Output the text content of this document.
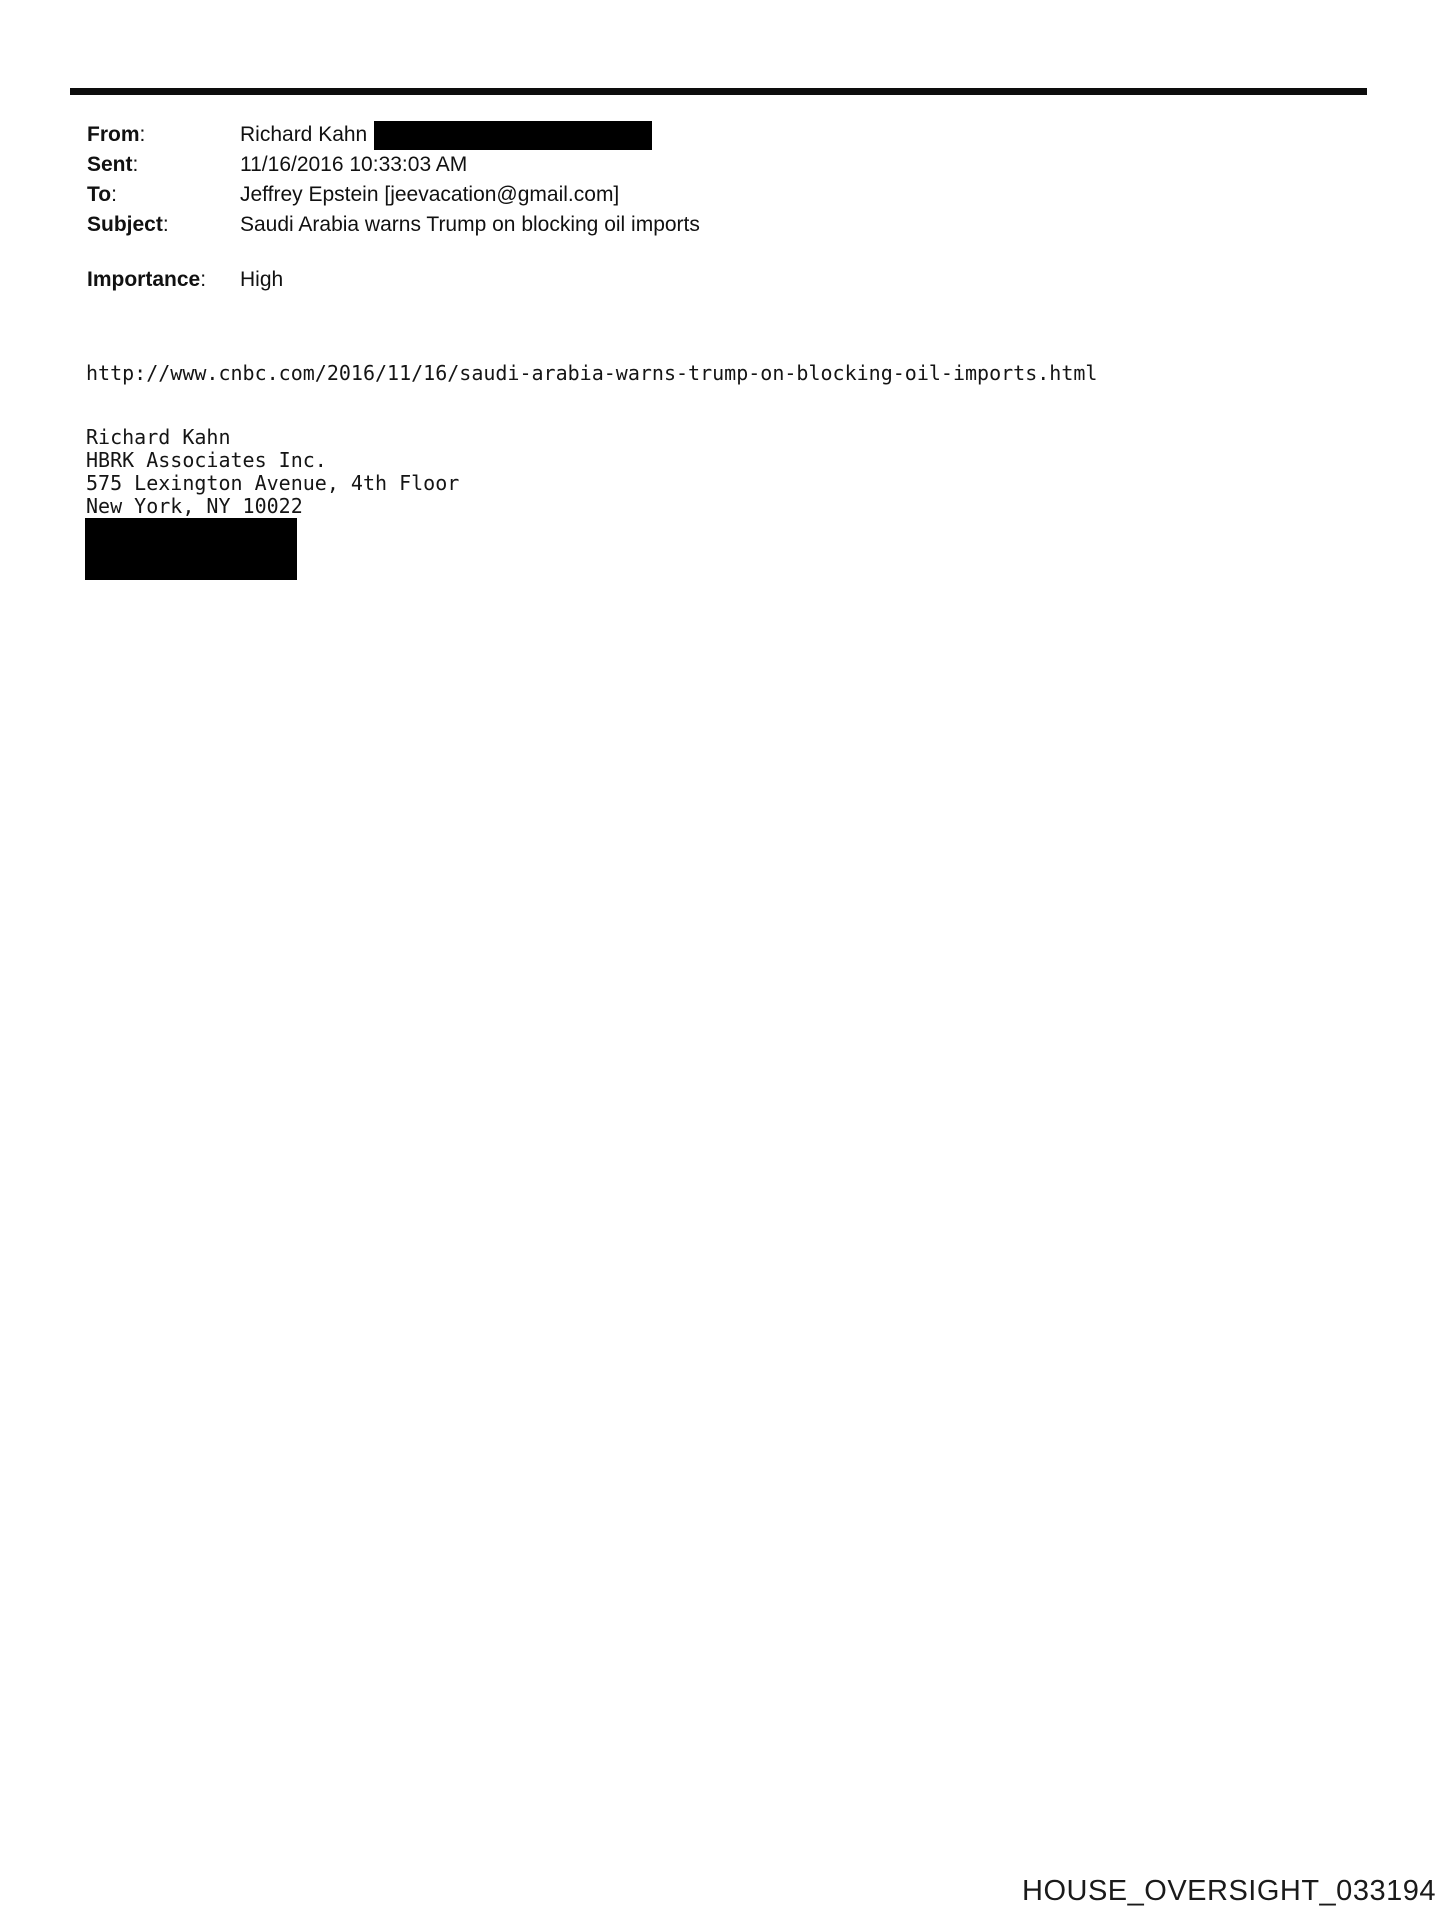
From:	Richard Kahn
Sent:	11/16/2016 10:33:03 AM
To:	Jeffrey Epstein [jeevacation@gmail.com]
Subject:	Saudi Arabia warns Trump on blocking oil imports
Importance:	High
http://www.cnbc.com/2016/11/16/saudi-arabia-warns-trump-on-blocking-oil-imports.html
Richard Kahn
HBRK Associates Inc.
575 Lexington Avenue, 4th Floor
New York, NY 10022
HOUSE_OVERSIGHT_033194
